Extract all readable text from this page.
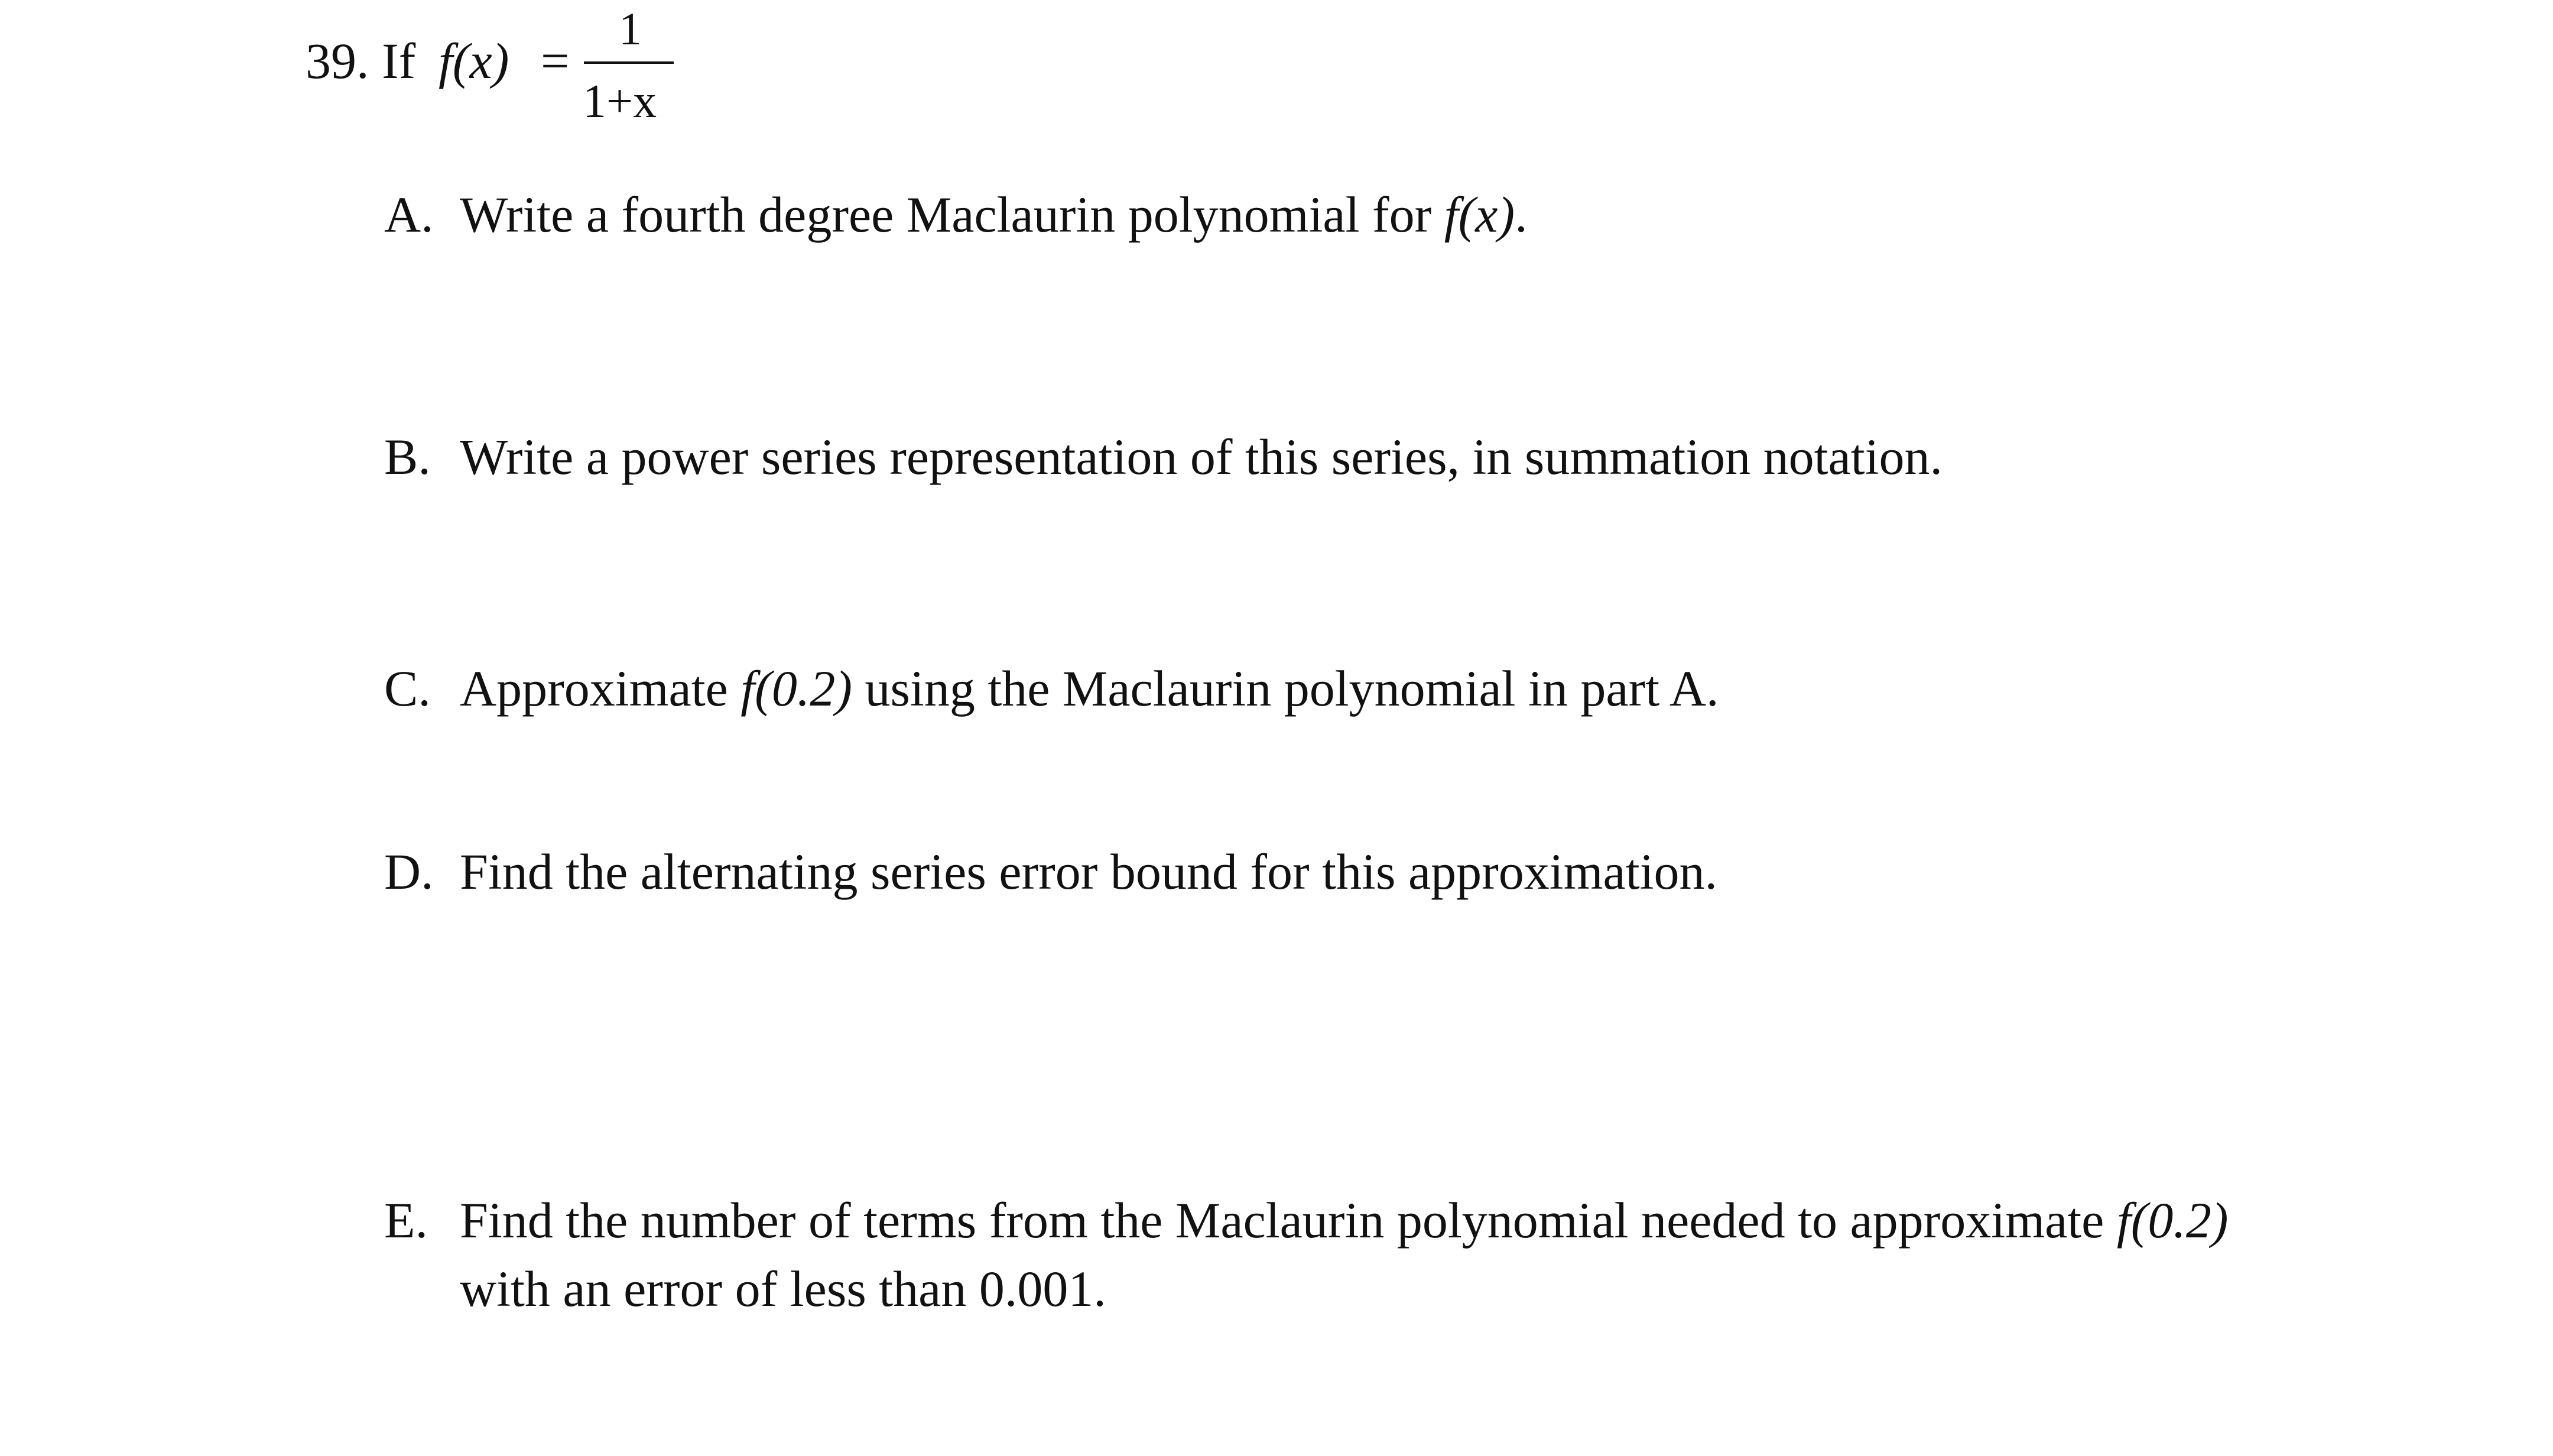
39. If f(x) =
1
1+x
A. Write a fourth degree Maclaurin polynomial for f(x).
B. Write a power series representation of this series, in summation notation.
C. Approximate f(0.2) using the Maclaurin polynomial in part A.
D. Find the alternating series error bound for this approximation.
E. Find the number of terms from the Maclaurin polynomial needed to approximate f(0.2)
with an error of less than 0.001.
